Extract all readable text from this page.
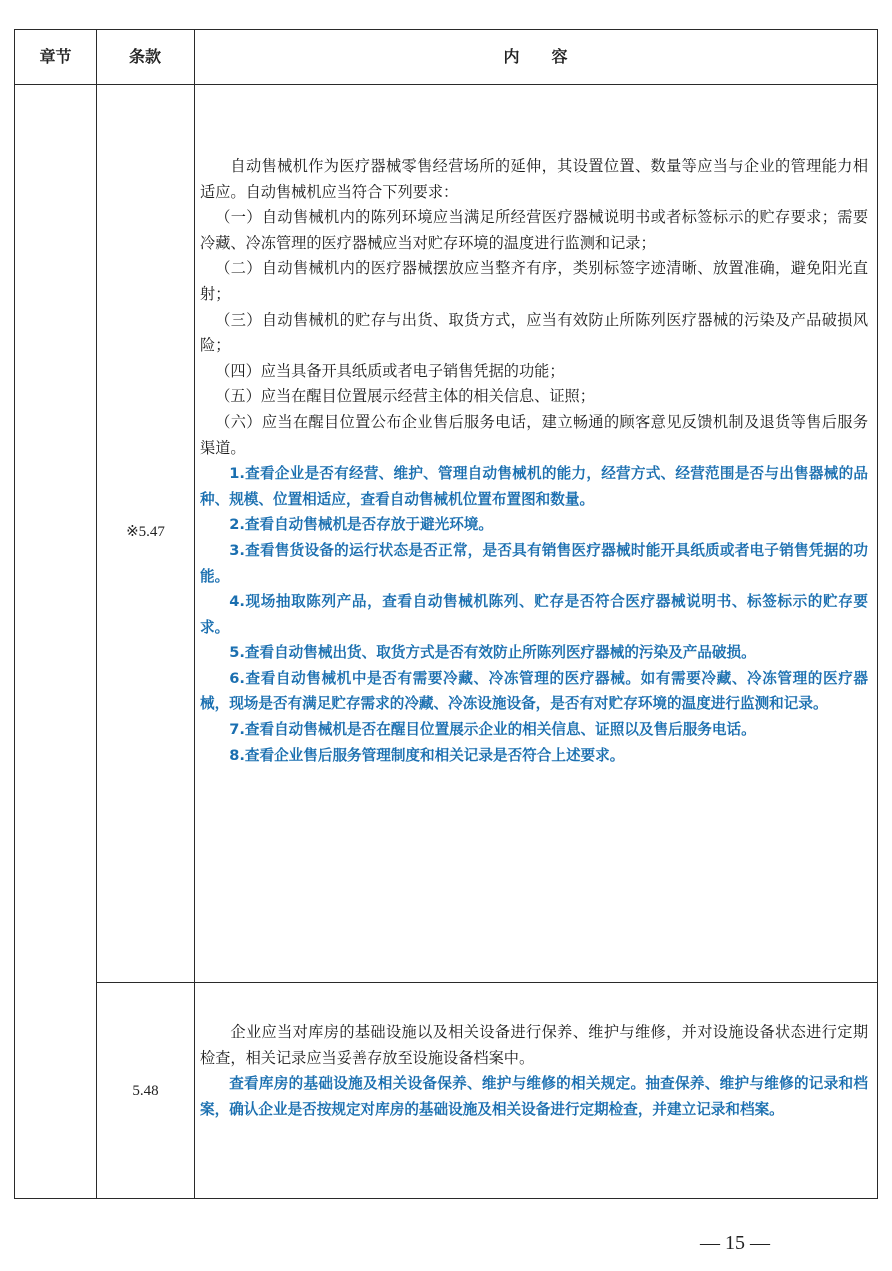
章节	条款	内　　容
※5.47

自动售械机作为医疗器械零售经营场所的延伸，其设置位置、数量等应当与企业的管理能力相适应。自动售械机应当符合下列要求：

（一）自动售械机内的陈列环境应当满足所经营医疗器械说明书或者标签标示的贮存要求；需要冷藏、冷冻管理的医疗器械应当对贮存环境的温度进行监测和记录；

（二）自动售械机内的医疗器械摆放应当整齐有序，类别标签字迹清晰、放置准确，避免阳光直射；

（三）自动售械机的贮存与出货、取货方式，应当有效防止所陈列医疗器械的污染及产品破损风险；

（四）应当具备开具纸质或者电子销售凭据的功能；

（五）应当在醒目位置展示经营主体的相关信息、证照；

（六）应当在醒目位置公布企业售后服务电话，建立畅通的顾客意见反馈机制及退货等售后服务渠道。

1.查看企业是否有经营、维护、管理自动售械机的能力，经营方式、经营范围是否与出售器械的品种、规模、位置相适应，查看自动售械机位置布置图和数量。

2.查看自动售械机是否存放于避光环境。

3.查看售货设备的运行状态是否正常，是否具有销售医疗器械时能开具纸质或者电子销售凭据的功能。

4.现场抽取陈列产品，查看自动售械机陈列、贮存是否符合医疗器械说明书、标签标示的贮存要求。

5.查看自动售械出货、取货方式是否有效防止所陈列医疗器械的污染及产品破损。

6.查看自动售械机中是否有需要冷藏、冷冻管理的医疗器械。如有需要冷藏、冷冻管理的医疗器械，现场是否有满足贮存需求的冷藏、冷冻设施设备，是否有对贮存环境的温度进行监测和记录。

7.查看自动售械机是否在醒目位置展示企业的相关信息、证照以及售后服务电话。

8.查看企业售后服务管理制度和相关记录是否符合上述要求。

5.48

企业应当对库房的基础设施以及相关设备进行保养、维护与维修，并对设施设备状态进行定期检查，相关记录应当妥善存放至设施设备档案中。

查看库房的基础设施及相关设备保养、维护与维修的相关规定。抽查保养、维护与维修的记录和档案，确认企业是否按规定对库房的基础设施及相关设备进行定期检查，并建立记录和档案。

— 15 —
